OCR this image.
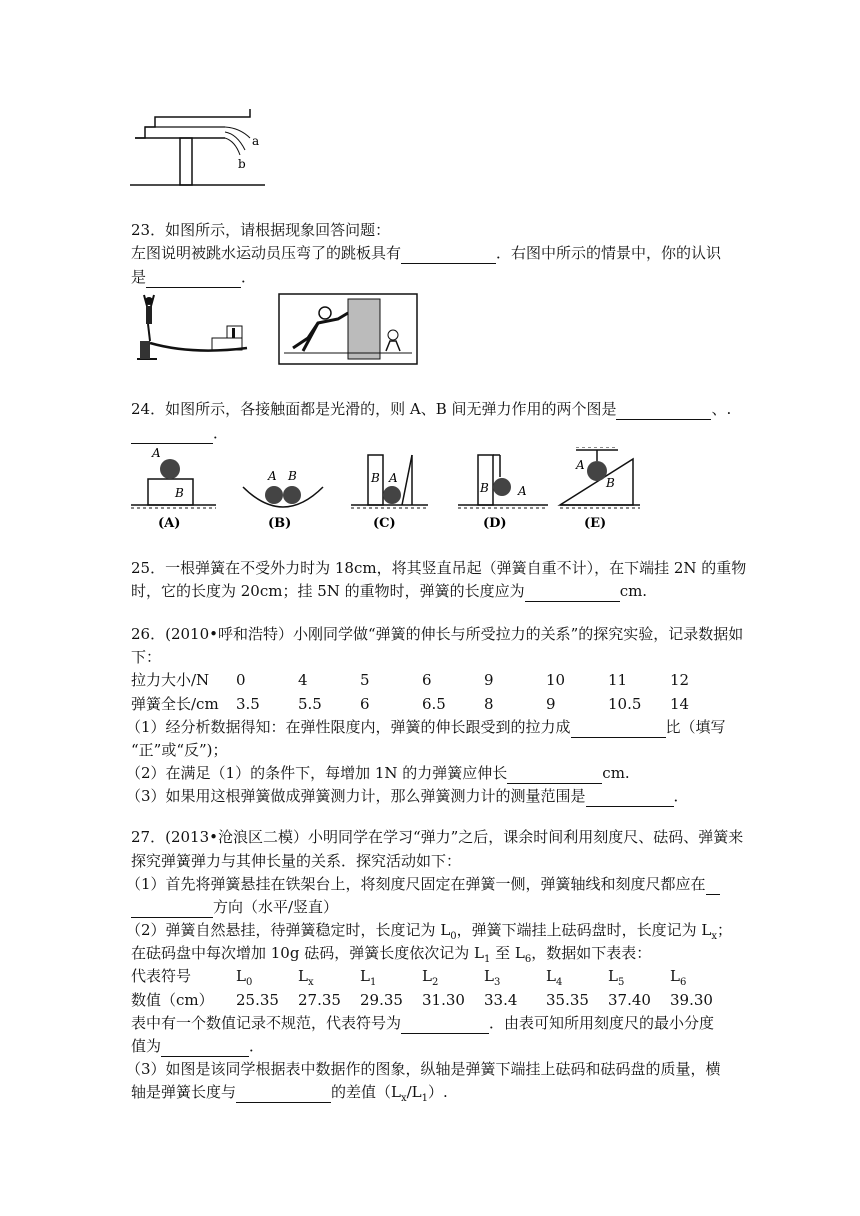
a
b
23．如图所示，请根据现象回答问题：
左图说明被跳水运动员压弯了的跳板具有	．右图中所示的情景中，你的认识
是	．
24．如图所示，各接触面都是光滑的，则 A、B 间无弹力作用的两个图是	、.
．
A
B
(A)
A B
(B)
B A
(C)
B A
(D)
A
B
(E)
25．一根弹簧在不受外力时为 18cm，将其竖直吊起（弹簧自重不计），在下端挂 2N 的重物
时，它的长度为 20cm；挂 5N 的重物时，弹簧的长度应为	cm.
26．(2010•呼和浩特）小刚同学做“弹簧的伸长与所受拉力的关系”的探究实验，记录数据如
下：
拉力大小/N	0	4	5	6	9	10	11	12
弹簧全长/cm	3.5	5.5	6	6.5	8	9	10.5	14
（1）经分析数据得知：在弹性限度内，弹簧的伸长跟受到的拉力成	比（填写
“正”或“反”)；
（2）在满足（1）的条件下，每增加 1N 的力弹簧应伸长	cm.
（3）如果用这根弹簧做成弹簧测力计，那么弹簧测力计的测量范围是	．
27．(2013•沧浪区二模）小明同学在学习“弹力”之后，课余时间利用刻度尺、砝码、弹簧来
探究弹簧弹力与其伸长量的关系．探究活动如下：
（1）首先将弹簧悬挂在铁架台上，将刻度尺固定在弹簧一侧，弹簧轴线和刻度尺都应在
方向（水平/竖直）
（2）弹簧自然悬挂，待弹簧稳定时，长度记为 $L_0$，弹簧下端挂上砝码盘时，长度记为 $L_x$；
在砝码盘中每次增加 10g 砝码，弹簧长度依次记为 $L_1$ 至 $L_6$，数据如下表表：
代表符号	$L_0$	$L_x$	$L_1$	$L_2$	$L_3$	$L_4$	$L_5$	$L_6$
数值（cm）	25.35	27.35	29.35	31.30	33.4	35.35	37.40	39.30
表中有一个数值记录不规范，代表符号为	．由表可知所用刻度尺的最小分度
值为	．
（3）如图是该同学根据表中数据作的图象，纵轴是弹簧下端挂上砝码和砝码盘的质量，横
轴是弹簧长度与	的差值$(L_x/L_1)$.
